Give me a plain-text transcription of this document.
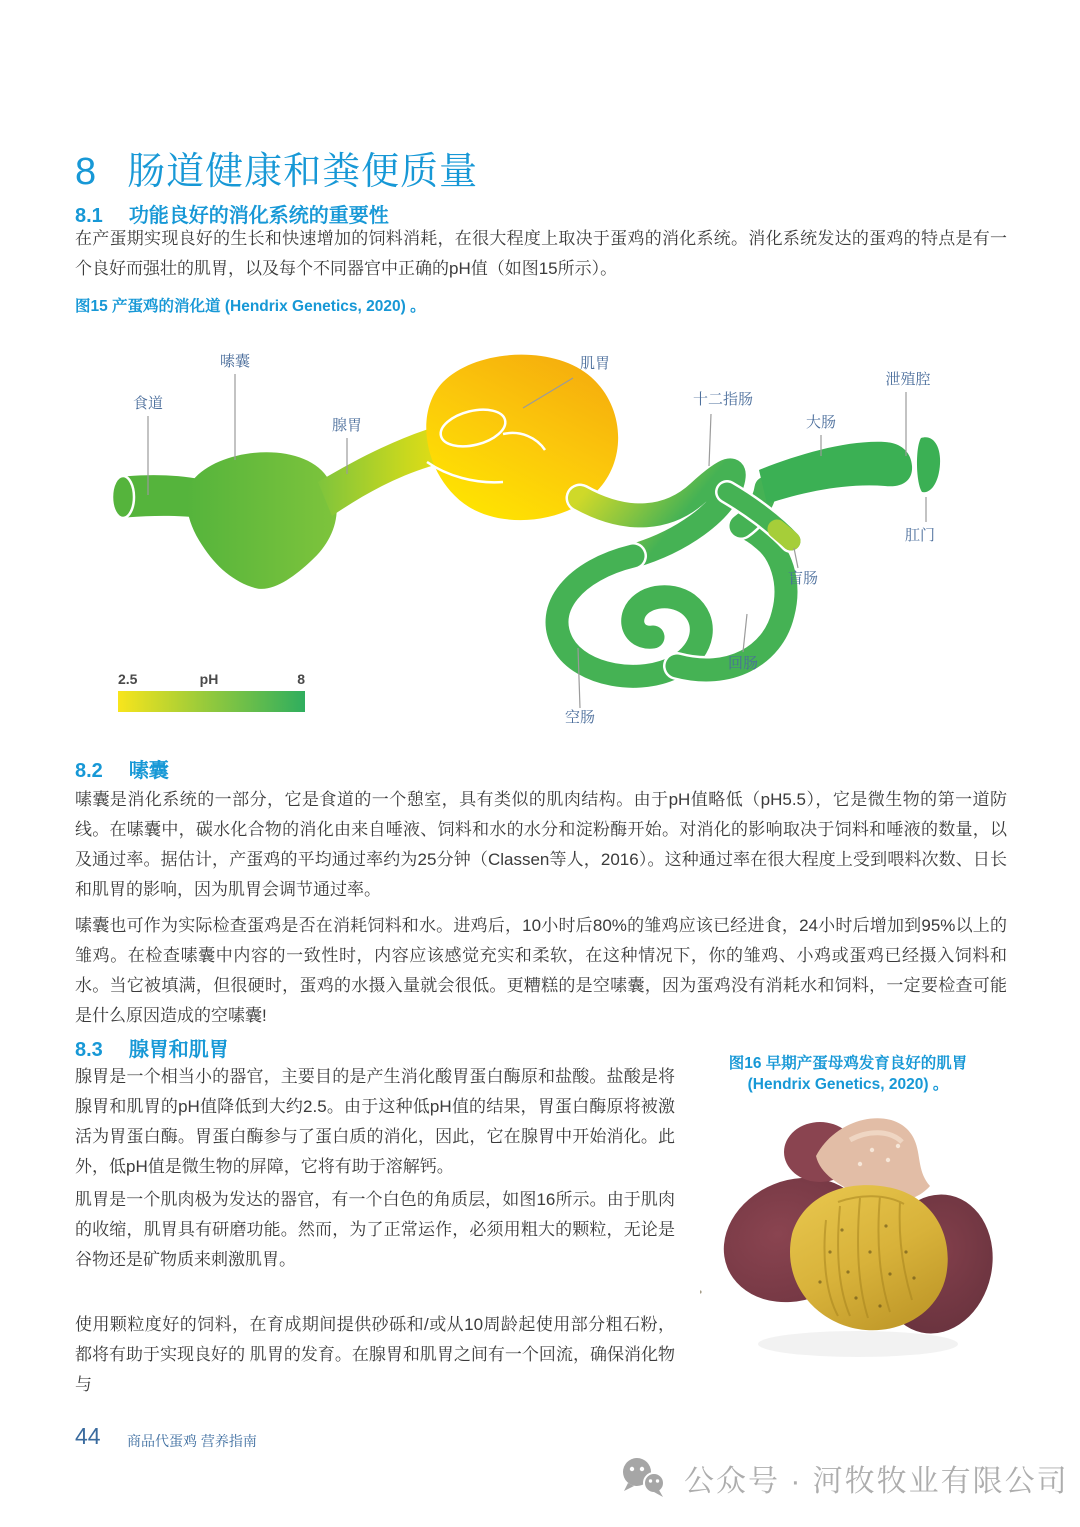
8 肠道健康和粪便质量
8.1 功能良好的消化系统的重要性
在产蛋期实现良好的生长和快速增加的饲料消耗，在很大程度上取决于蛋鸡的消化系统。消化系统发达的蛋鸡的特点是有一个良好而强壮的肌胃，以及每个不同器官中正确的pH值（如图15所示）。
图15 产蛋鸡的消化道 (Hendrix Genetics, 2020) 。
食道
嗉囊
腺胃
肌胃
十二指肠
大肠
泄殖腔
肛门
盲肠
回肠
空肠
2.5	pH	8
8.2 嗉囊
嗉囊是消化系统的一部分，它是食道的一个憩室，具有类似的肌肉结构。由于pH值略低（pH5.5），它是微生物的第一道防线。在嗉囊中，碳水化合物的消化由来自唾液、饲料和水的水分和淀粉酶开始。对消化的影响取决于饲料和唾液的数量，以及通过率。据估计，产蛋鸡的平均通过率约为25分钟（Classen等人，2016）。这种通过率在很大程度上受到喂料次数、日长和肌胃的影响，因为肌胃会调节通过率。
嗉囊也可作为实际检查蛋鸡是否在消耗饲料和水。进鸡后，10小时后80%的雏鸡应该已经进食，24小时后增加到95%以上的雏鸡。在检查嗉囊中内容的一致性时，内容应该感觉充实和柔软，在这种情况下，你的雏鸡、小鸡或蛋鸡已经摄入饲料和水。当它被填满，但很硬时，蛋鸡的水摄入量就会很低。更糟糕的是空嗉囊，因为蛋鸡没有消耗水和饲料，一定要检查可能是什么原因造成的空嗉囊!
8.3 腺胃和肌胃
腺胃是一个相当小的器官，主要目的是产生消化酸胃蛋白酶原和盐酸。盐酸是将腺胃和肌胃的pH值降低到大约2.5。由于这种低pH值的结果，胃蛋白酶原将被激活为胃蛋白酶。胃蛋白酶参与了蛋白质的消化，因此，它在腺胃中开始消化。此外，低pH值是微生物的屏障，它将有助于溶解钙。
肌胃是一个肌肉极为发达的器官，有一个白色的角质层，如图16所示。由于肌肉的收缩，肌胃具有研磨功能。然而，为了正常运作，必须用粗大的颗粒，无论是谷物还是矿物质来刺激肌胃。
使用颗粒度好的饲料，在育成期间提供砂砾和/或从10周龄起使用部分粗石粉，都将有助于实现良好的 肌胃的发育。在腺胃和肌胃之间有一个回流，确保消化物与
图16 早期产蛋母鸡发育良好的肌胃
(Hendrix Genetics, 2020) 。
44 商品代蛋鸡 营养指南
公众号 · 河牧牧业有限公司
